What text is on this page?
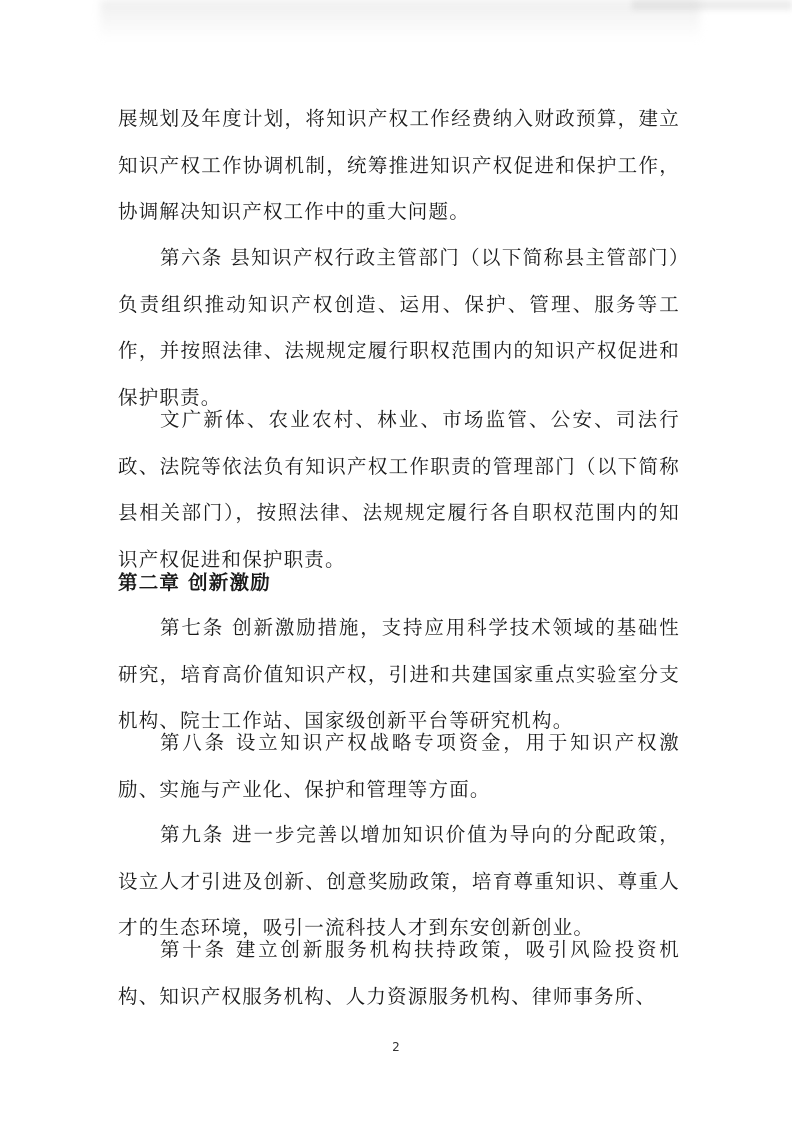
展规划及年度计划，将知识产权工作经费纳入财政预算，建立知识产权工作协调机制，统筹推进知识产权促进和保护工作，协调解决知识产权工作中的重大问题。

第六条 县知识产权行政主管部门（以下简称县主管部门）负责组织推动知识产权创造、运用、保护、管理、服务等工作，并按照法律、法规规定履行职权范围内的知识产权促进和保护职责。

文广新体、农业农村、林业、市场监管、公安、司法行政、法院等依法负有知识产权工作职责的管理部门（以下简称县相关部门），按照法律、法规规定履行各自职权范围内的知识产权促进和保护职责。

第二章 创新激励

第七条 创新激励措施，支持应用科学技术领域的基础性研究，培育高价值知识产权，引进和共建国家重点实验室分支机构、院士工作站、国家级创新平台等研究机构。

第八条 设立知识产权战略专项资金，用于知识产权激励、实施与产业化、保护和管理等方面。

第九条 进一步完善以增加知识价值为导向的分配政策，设立人才引进及创新、创意奖励政策，培育尊重知识、尊重人才的生态环境，吸引一流科技人才到东安创新创业。

第十条 建立创新服务机构扶持政策，吸引风险投资机构、知识产权服务机构、人力资源服务机构、律师事务所、

2
